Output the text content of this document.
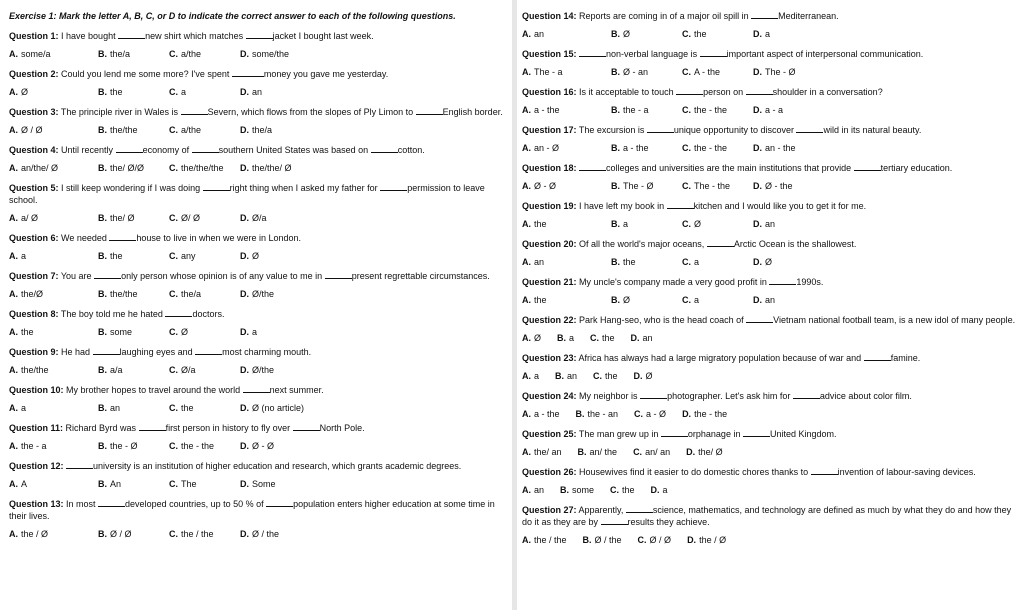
Exercise 1: Mark the letter A, B, C, or D to indicate the correct answer to each of the following questions.

Question 1: I have bought	new shirt which matches	jacket I bought last week.

A. some/a	B. the/a	C. a/the	D. some/the

Question 2: Could you lend me some more? I've spent	money you gave me yesterday.

A. Ø	B. the	C. a	D. an

Question 3: The principle river in Wales is	Severn, which flows from the slopes of Ply Limon to	English border.

A. Ø / Ø	B. the/the	C. a/the	D. the/a

Question 4: Until recently	economy of	southern United States was based on	cotton.

A. an/the/ Ø	B. the/ Ø/Ø	C. the/the/the	D. the/the/ Ø

Question 5: I still keep wondering if I was doing	right thing when I asked my father for	permission to leave school.

A. a/ Ø	B. the/ Ø	C. Ø/ Ø	D. Ø/a

Question 6: We needed	house to live in when we were in London.

A. a	B. the	C. any	D. Ø

Question 7: You are	only person whose opinion is of any value to me in	present regrettable circumstances.

A. the/Ø	B. the/the	C. the/a	D. Ø/the

Question 8: The boy told me he hated	doctors.

A. the	B. some	C. Ø	D. a

Question 9: He had	laughing eyes and	most charming mouth.

A. the/the	B. a/a	C. Ø/a	D. Ø/the

Question 10: My brother hopes to travel around the world	next summer.

A. a	B. an	C. the	D. Ø (no article)

Question 11: Richard Byrd was	first person in history to fly over	North Pole.

A. the - a	B. the - Ø	C. the - the	D. Ø - Ø

Question 12:	university is an institution of higher education and research, which grants academic degrees.

A. A	B. An	C. The	D. Some

Question 13: In most	developed countries, up to 50 % of	population enters higher education at some time in their lives.

A. the / Ø	B. Ø / Ø	C. the / the	D. Ø / the

Question 14: Reports are coming in of a major oil spill in	Mediterranean.

A. an	B. Ø	C. the	D. a

Question 15:	non-verbal language is	important aspect of interpersonal communication.

A. The - a	B. Ø - an	C. A - the	D. The - Ø

Question 16: Is it acceptable to touch	person on	shoulder in a conversation?

A. a - the	B. the - a	C. the - the	D. a - a

Question 17: The excursion is	unique opportunity to discover	wild in its natural beauty.

A. an - Ø	B. a - the	C. the - the	D. an - the

Question 18:	colleges and universities are the main institutions that provide	tertiary education.

A. Ø - Ø	B. The - Ø	C. The - the	D. Ø - the

Question 19: I have left my book in	kitchen and I would like you to get it for me.

A. the	B. a	C. Ø	D. an

Question 20: Of all the world's major oceans,	Arctic Ocean is the shallowest.

A. an	B. the	C. a	D. Ø

Question 21: My uncle's company made a very good profit in	1990s.

A. the	B. Ø	C. a	D. an

Question 22: Park Hang-seo, who is the head coach of	Vietnam national football team, is a new idol of many people.

A. Ø	B. a	C. the	D. an

Question 23: Africa has always had a large migratory population because of war and	famine.

A. a	B. an	C. the	D. Ø

Question 24: My neighbor is	photographer. Let's ask him for	advice about color film.

A. a - the	B. the - an	C. a - Ø	D. the - the

Question 25: The man grew up in	orphanage in	United Kingdom.

A. the/ an	B. an/ the	C. an/ an	D. the/ Ø

Question 26: Housewives find it easier to do domestic chores thanks to	invention of labour-saving devices.

A. an	B. some	C. the	D. a

Question 27: Apparently,	science, mathematics, and technology are defined as much by what they do and how they do it as they are by	results they achieve.

A. the / the	B. Ø / the	C. Ø / Ø	D. the / Ø
